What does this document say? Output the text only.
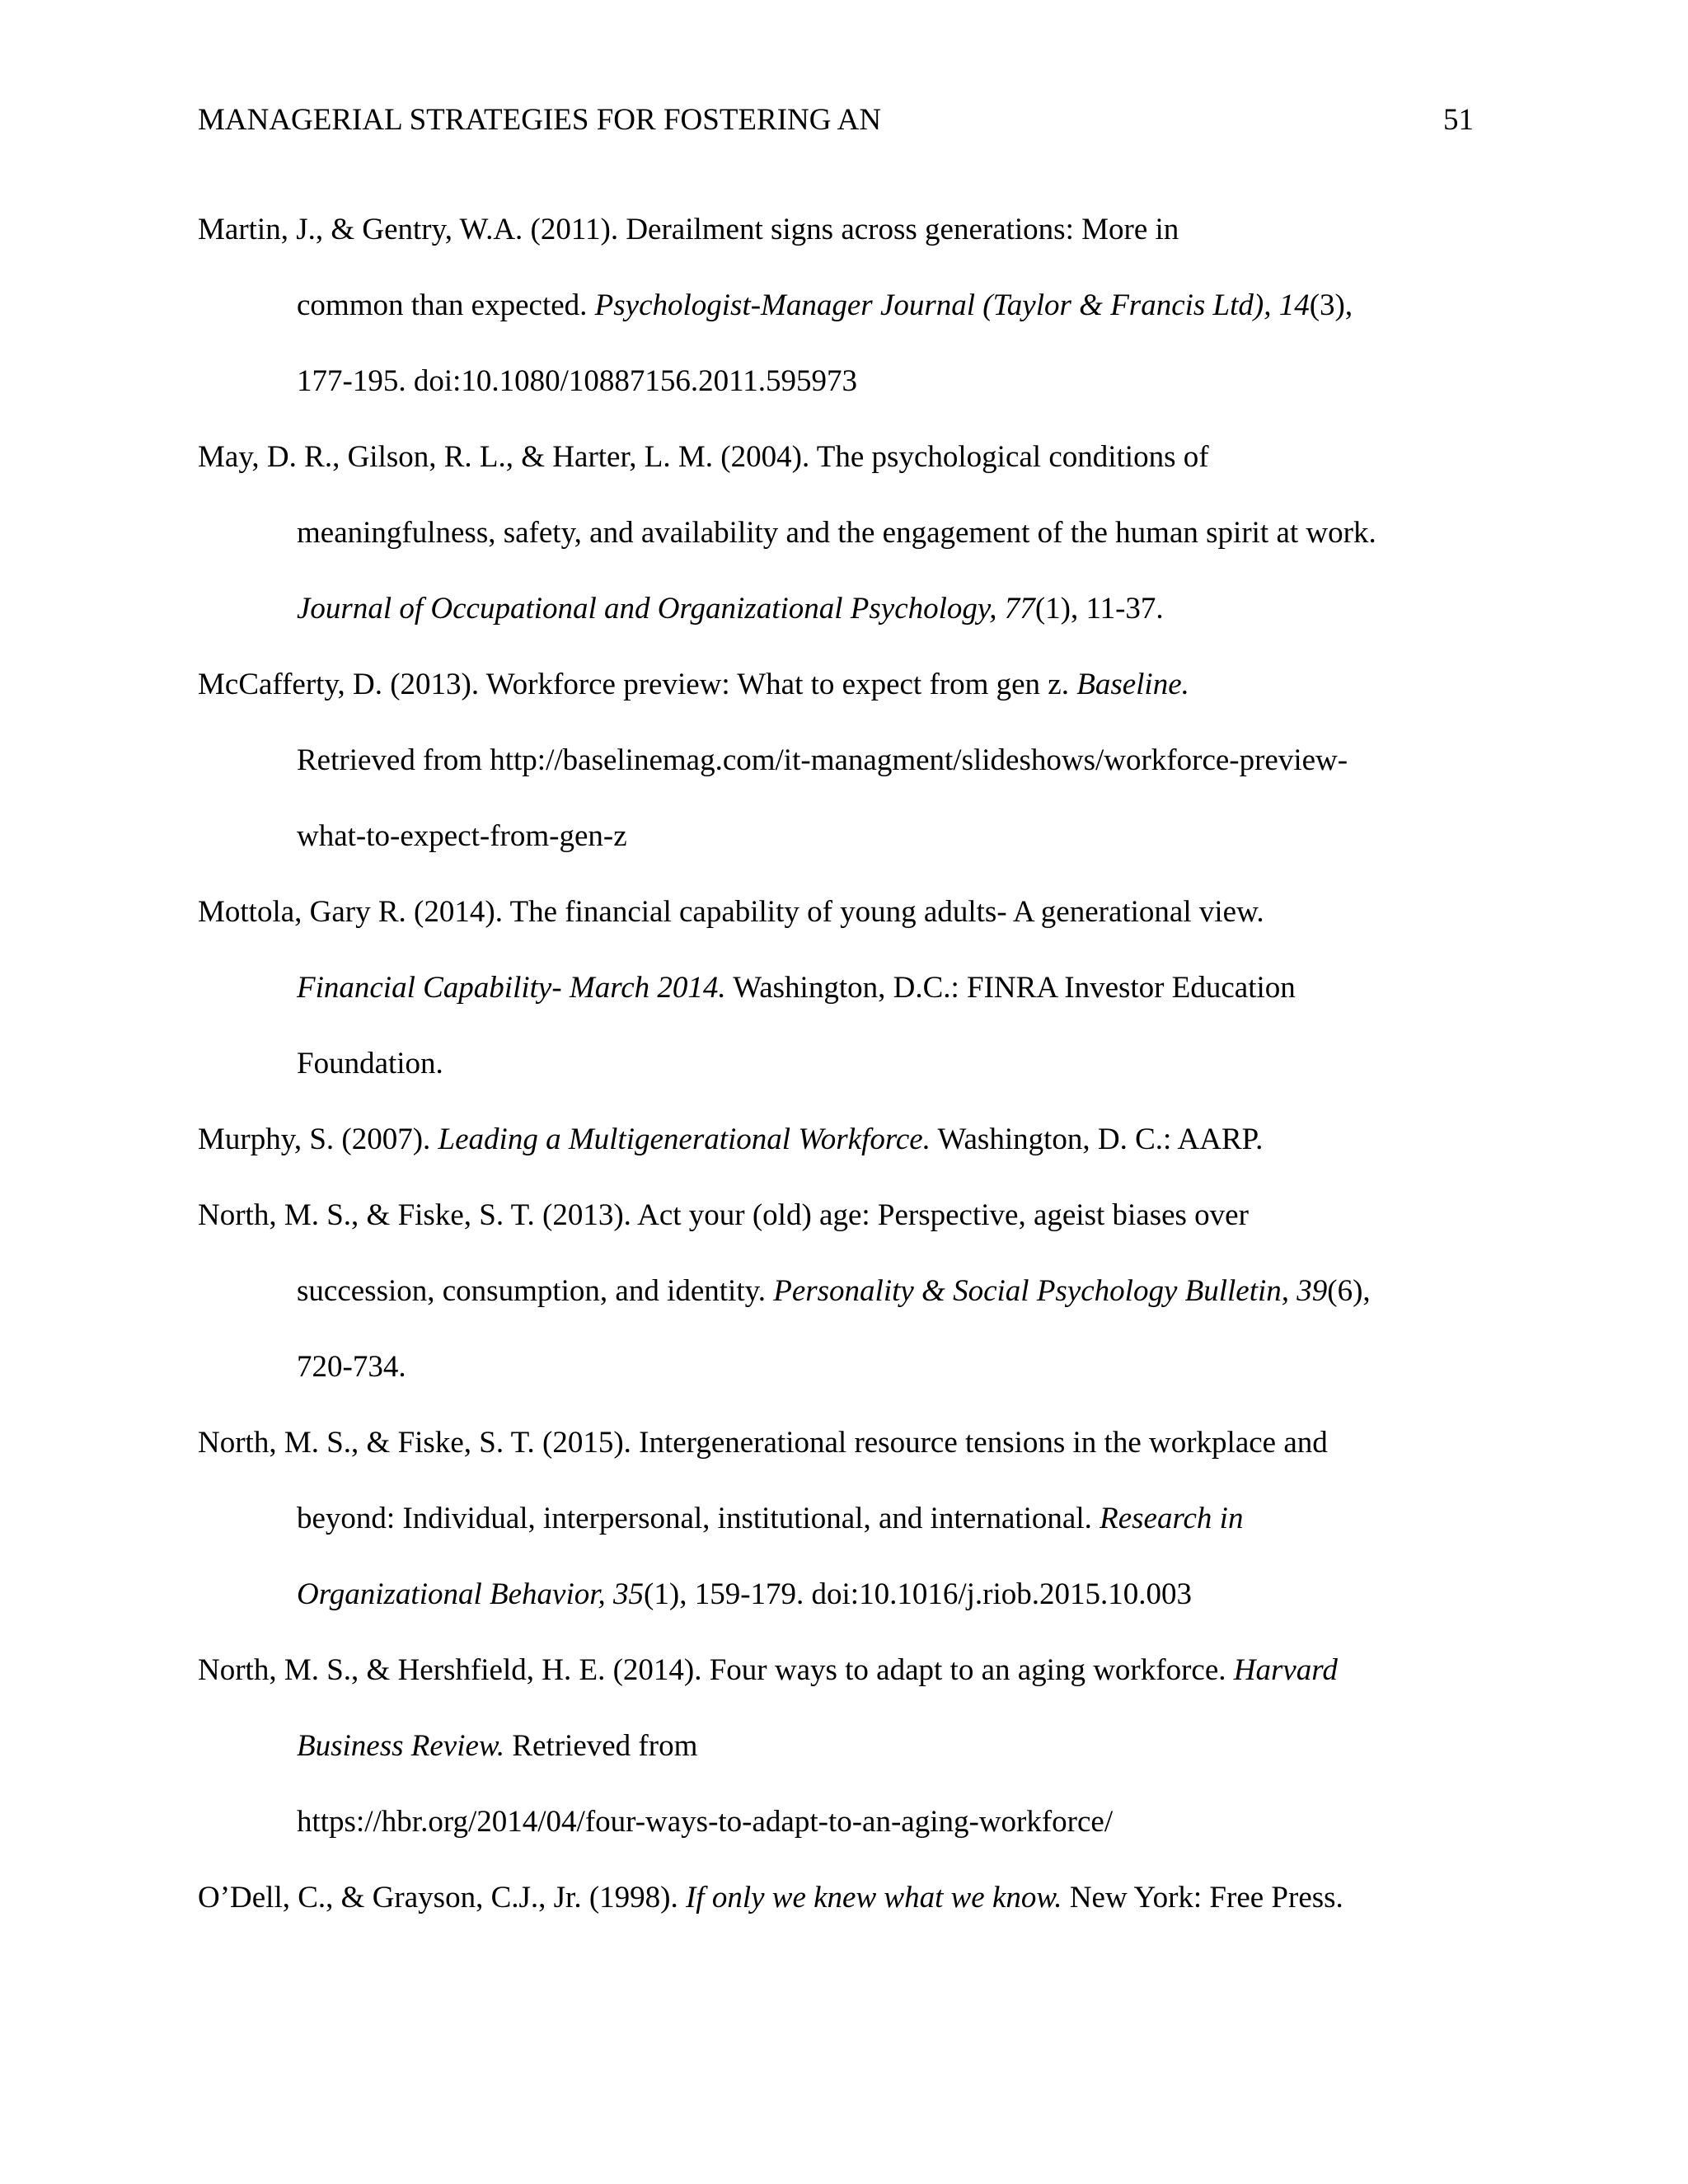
MANAGERIAL STRATEGIES FOR FOSTERING AN	51
Martin, J., & Gentry, W.A. (2011). Derailment signs across generations: More in
common than expected. Psychologist-Manager Journal (Taylor & Francis Ltd), 14(3),
177-195. doi:10.1080/10887156.2011.595973
May, D. R., Gilson, R. L., & Harter, L. M. (2004). The psychological conditions of
meaningfulness, safety, and availability and the engagement of the human spirit at work.
Journal of Occupational and Organizational Psychology, 77(1), 11-37.
McCafferty, D. (2013). Workforce preview: What to expect from gen z. Baseline.
Retrieved from http://baselinemag.com/it-managment/slideshows/workforce-preview-
what-to-expect-from-gen-z
Mottola, Gary R. (2014). The financial capability of young adults- A generational view.
Financial Capability- March 2014. Washington, D.C.: FINRA Investor Education
Foundation.
Murphy, S. (2007). Leading a Multigenerational Workforce. Washington, D. C.: AARP.
North, M. S., & Fiske, S. T. (2013). Act your (old) age: Perspective, ageist biases over
succession, consumption, and identity. Personality & Social Psychology Bulletin, 39(6),
720-734.
North, M. S., & Fiske, S. T. (2015). Intergenerational resource tensions in the workplace and
beyond: Individual, interpersonal, institutional, and international. Research in
Organizational Behavior, 35(1), 159-179. doi:10.1016/j.riob.2015.10.003
North, M. S., & Hershfield, H. E. (2014). Four ways to adapt to an aging workforce. Harvard
Business Review. Retrieved from
https://hbr.org/2014/04/four-ways-to-adapt-to-an-aging-workforce/
O’Dell, C., & Grayson, C.J., Jr. (1998). If only we knew what we know. New York: Free Press.
